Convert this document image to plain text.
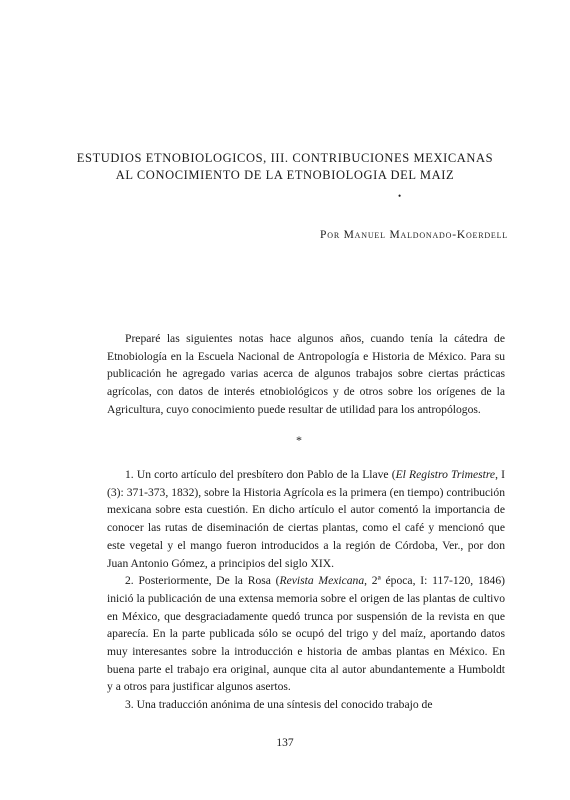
ESTUDIOS ETNOBIOLOGICOS, III. CONTRIBUCIONES MEXICANAS
AL CONOCIMIENTO DE LA ETNOBIOLOGIA DEL MAIZ
•
Por Manuel Maldonado-Koerdell

Preparé las siguientes notas hace algunos años, cuando tenía la cátedra de Etnobiología en la Escuela Nacional de Antropología e Historia de México. Para su publicación he agregado varias acerca de algunos trabajos sobre ciertas prácticas agrícolas, con datos de interés etnobiológicos y de otros sobre los orígenes de la Agricultura, cuyo conocimiento puede resultar de utilidad para los antropólogos.

*

1. Un corto artículo del presbítero don Pablo de la Llave (El Registro Trimestre, I (3): 371-373, 1832), sobre la Historia Agrícola es la primera (en tiempo) contribución mexicana sobre esta cuestión. En dicho artículo el autor comentó la importancia de conocer las rutas de diseminación de ciertas plantas, como el café y mencionó que este vegetal y el mango fueron introducidos a la región de Córdoba, Ver., por don Juan Antonio Gómez, a principios del siglo XIX.

2. Posteriormente, De la Rosa (Revista Mexicana, 2ª época, I: 117-120, 1846) inició la publicación de una extensa memoria sobre el origen de las plantas de cultivo en México, que desgraciadamente quedó trunca por suspensión de la revista en que aparecía. En la parte publicada sólo se ocupó del trigo y del maíz, aportando datos muy interesantes sobre la introducción e historia de ambas plantas en México. En buena parte el trabajo era original, aunque cita al autor abundantemente a Humboldt y a otros para justificar algunos asertos.

3. Una traducción anónima de una síntesis del conocido trabajo de

137
